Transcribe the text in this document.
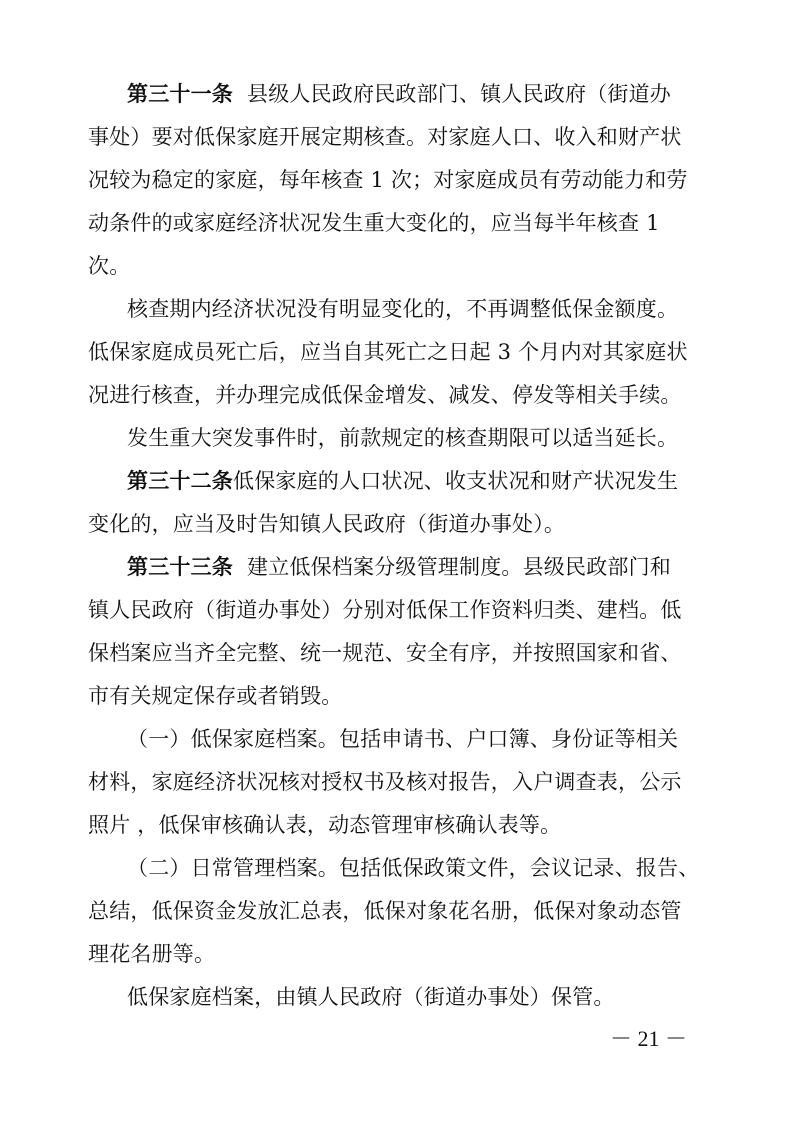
第三十一条 县级人民政府民政部门、镇人民政府（街道办
事处）要对低保家庭开展定期核查。对家庭人口、收入和财产状
况较为稳定的家庭，每年核查 1 次；对家庭成员有劳动能力和劳
动条件的或家庭经济状况发生重大变化的，应当每半年核查 1
次。
核查期内经济状况没有明显变化的，不再调整低保金额度。
低保家庭成员死亡后，应当自其死亡之日起 3 个月内对其家庭状
况进行核查，并办理完成低保金增发、减发、停发等相关手续。
发生重大突发事件时，前款规定的核查期限可以适当延长。
第三十二条低保家庭的人口状况、收支状况和财产状况发生
变化的，应当及时告知镇人民政府（街道办事处）。
第三十三条 建立低保档案分级管理制度。县级民政部门和
镇人民政府（街道办事处）分别对低保工作资料归类、建档。低
保档案应当齐全完整、统一规范、安全有序，并按照国家和省、
市有关规定保存或者销毁。
（一）低保家庭档案。包括申请书、户口簿、身份证等相关
材料，家庭经济状况核对授权书及核对报告，入户调查表，公示
照片 ，低保审核确认表，动态管理审核确认表等。
（二）日常管理档案。包括低保政策文件，会议记录、报告、
总结，低保资金发放汇总表，低保对象花名册，低保对象动态管
理花名册等。
低保家庭档案，由镇人民政府（街道办事处）保管。
－ 21 －
